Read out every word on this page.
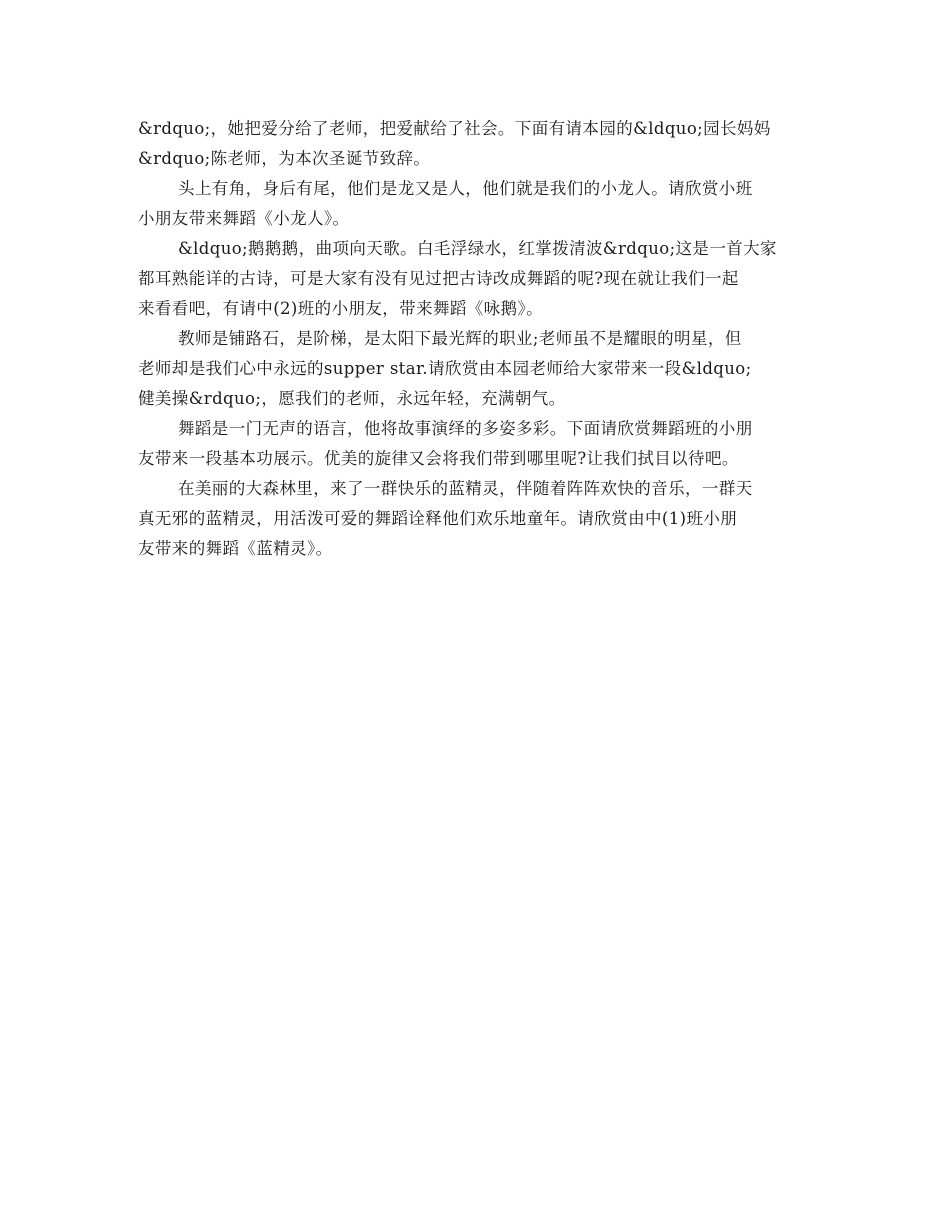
&rdquo;，她把爱分给了老师，把爱献给了社会。下面有请本园的&ldquo;园长妈妈
&rdquo;陈老师，为本次圣诞节致辞。

头上有角，身后有尾，他们是龙又是人，他们就是我们的小龙人。请欣赏小班
小朋友带来舞蹈《小龙人》。

&ldquo;鹅鹅鹅，曲项向天歌。白毛浮绿水，红掌拨清波&rdquo;这是一首大家
都耳熟能详的古诗，可是大家有没有见过把古诗改成舞蹈的呢?现在就让我们一起
来看看吧，有请中(2)班的小朋友，带来舞蹈《咏鹅》。

教师是铺路石，是阶梯，是太阳下最光辉的职业;老师虽不是耀眼的明星，但
老师却是我们心中永远的supper star.请欣赏由本园老师给大家带来一段&ldquo;
健美操&rdquo;，愿我们的老师，永远年轻，充满朝气。

舞蹈是一门无声的语言，他将故事演绎的多姿多彩。下面请欣赏舞蹈班的小朋
友带来一段基本功展示。优美的旋律又会将我们带到哪里呢?让我们拭目以待吧。

在美丽的大森林里，来了一群快乐的蓝精灵，伴随着阵阵欢快的音乐，一群天
真无邪的蓝精灵，用活泼可爱的舞蹈诠释他们欢乐地童年。请欣赏由中(1)班小朋
友带来的舞蹈《蓝精灵》。
